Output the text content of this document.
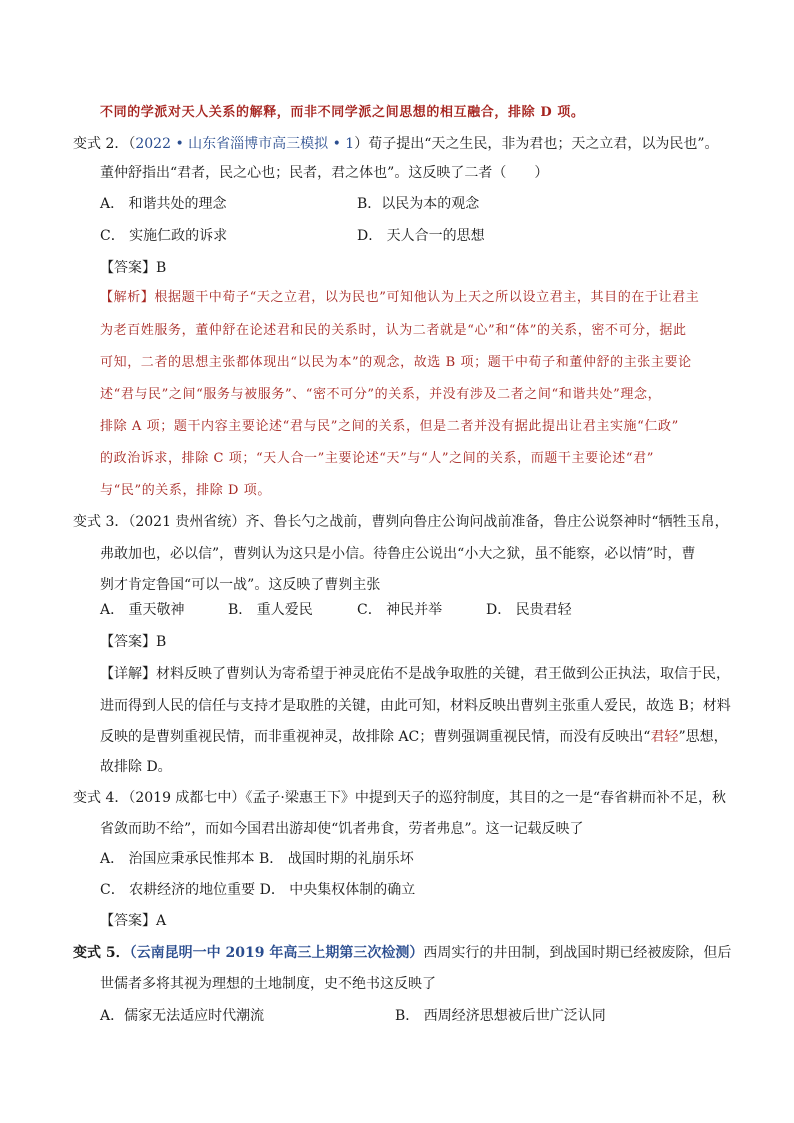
不同的学派对天人关系的解释，而非不同学派之间思想的相互融合，排除 D 项。
变式 2．（2022 • 山东省淄博市高三模拟 • 1）荀子提出“天之生民，非为君也；天之立君，以为民也”。
董仲舒指出“君者，民之心也；民者，君之体也”。这反映了二者（　　）
A． 和谐共处的理念	B．以民为本的观念
C． 实施仁政的诉求	D． 天人合一的思想
【答案】B
【解析】根据题干中荀子“天之立君，以为民也”可知他认为上天之所以设立君主，其目的在于让君主
为老百姓服务，董仲舒在论述君和民的关系时，认为二者就是“心”和“体”的关系，密不可分，据此
可知，二者的思想主张都体现出“以民为本”的观念，故选 B 项；题干中荀子和董仲舒的主张主要论
述“君与民”之间“服务与被服务”、“密不可分”的关系，并没有涉及二者之间“和谐共处”理念，
排除 A 项；题干内容主要论述“君与民”之间的关系，但是二者并没有据此提出让君主实施“仁政”
的政治诉求，排除 C 项；“天人合一”主要论述“天”与“人”之间的关系，而题干主要论述“君”
与“民”的关系，排除 D 项。
变式 3．（2021 贵州省统）齐、鲁长勺之战前，曹刿向鲁庄公询问战前准备，鲁庄公说祭神时“牺牲玉帛，
弗敢加也，必以信”，曹刿认为这只是小信。待鲁庄公说出“小大之狱，虽不能察，必以情”时，曹
刿才肯定鲁国“可以一战”。这反映了曹刿主张
A． 重天敬神	B． 重人爱民	C． 神民并举	D． 民贵君轻
【答案】B
【详解】材料反映了曹刿认为寄希望于神灵庇佑不是战争取胜的关键，君王做到公正执法，取信于民，
进而得到人民的信任与支持才是取胜的关键，由此可知，材料反映出曹刿主张重人爱民，故选 B；材料
反映的是曹刿重视民情，而非重视神灵，故排除 AC；曹刿强调重视民情，而没有反映出“君轻”思想，
故排除 D。
变式 4．（2019 成都七中）《孟子·梁惠王下》中提到天子的巡狩制度，其目的之一是“春省耕而补不足，秋
省敛而助不给”，而如今国君出游却使“饥者弗食，劳者弗息”。这一记载反映了
A． 治国应秉承民惟邦本 B． 战国时期的礼崩乐坏
C． 农耕经济的地位重要 D． 中央集权体制的确立
【答案】A
变式 5．（云南昆明一中 2019 年高三上期第三次检测）西周实行的井田制，到战国时期已经被废除，但后
世儒者多将其视为理想的土地制度，史不绝书这反映了
A．儒家无法适应时代潮流	B． 西周经济思想被后世广泛认同
